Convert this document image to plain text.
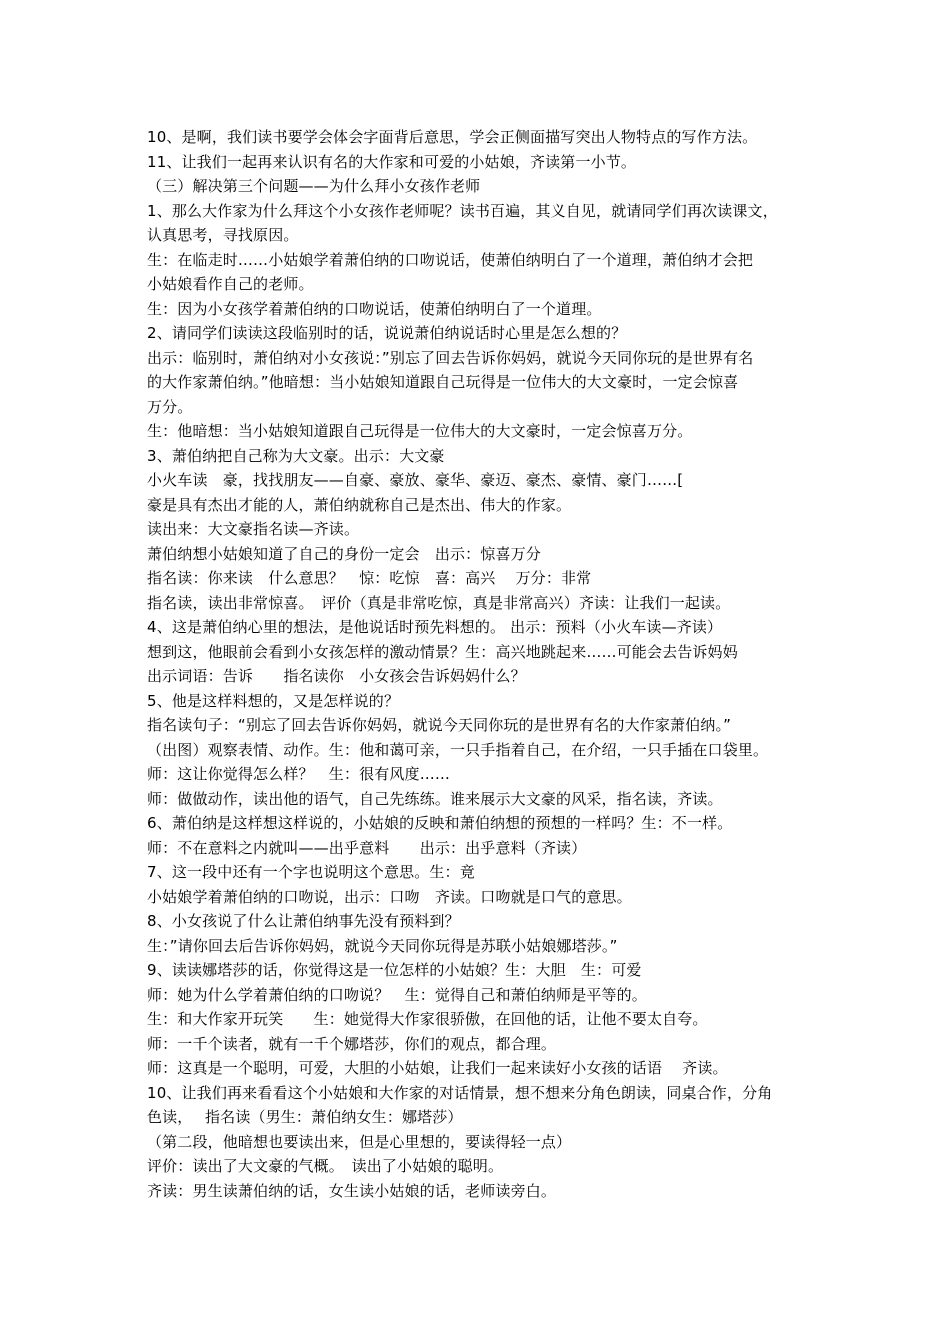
10、是啊，我们读书要学会体会字面背后意思，学会正侧面描写突出人物特点的写作方法。
11、让我们一起再来认识有名的大作家和可爱的小姑娘，齐读第一小节。
（三）解决第三个问题——为什么拜小女孩作老师
1、那么大作家为什么拜这个小女孩作老师呢？读书百遍，其义自见，就请同学们再次读课文，
认真思考，寻找原因。
生：在临走时……小姑娘学着萧伯纳的口吻说话，使萧伯纳明白了一个道理，萧伯纳才会把
小姑娘看作自己的老师。
生：因为小女孩学着萧伯纳的口吻说话，使萧伯纳明白了一个道理。
2、请同学们读读这段临别时的话，说说萧伯纳说话时心里是怎么想的？
出示：临别时，萧伯纳对小女孩说：”别忘了回去告诉你妈妈，就说今天同你玩的是世界有名
的大作家萧伯纳。”他暗想：当小姑娘知道跟自己玩得是一位伟大的大文豪时，一定会惊喜
万分。
生：他暗想：当小姑娘知道跟自己玩得是一位伟大的大文豪时，一定会惊喜万分。
3、萧伯纳把自己称为大文豪。出示：大文豪
小火车读　豪，找找朋友——自豪、豪放、豪华、豪迈、豪杰、豪情、豪门……[
豪是具有杰出才能的人，萧伯纳就称自己是杰出、伟大的作家。
读出来：大文豪指名读—齐读。
萧伯纳想小姑娘知道了自己的身份一定会　出示：惊喜万分
指名读：你来读　什么意思？　惊：吃惊　喜：高兴　 万分：非常
指名读，读出非常惊喜。　评价（真是非常吃惊，真是非常高兴）齐读：让我们一起读。
4、这是萧伯纳心里的想法，是他说话时预先料想的。 出示：预料（小火车读—齐读）
想到这，他眼前会看到小女孩怎样的激动情景？生：高兴地跳起来……可能会去告诉妈妈
出示词语：告诉　　指名读你　小女孩会告诉妈妈什么？
5、他是这样料想的，又是怎样说的？
指名读句子：“别忘了回去告诉你妈妈，就说今天同你玩的是世界有名的大作家萧伯纳。”
（出图）观察表情、动作。生：他和蔼可亲，一只手指着自己，在介绍，一只手插在口袋里。
师：这让你觉得怎么样？　生：很有风度……
师：做做动作，读出他的语气，自己先练练。谁来展示大文豪的风采，指名读，齐读。
6、萧伯纳是这样想这样说的，小姑娘的反映和萧伯纳想的预想的一样吗？生：不一样。
师：不在意料之内就叫——出乎意料　　出示：出乎意料（齐读）
7、这一段中还有一个字也说明这个意思。生：竟
小姑娘学着萧伯纳的口吻说，出示：口吻　齐读。口吻就是口气的意思。
8、小女孩说了什么让萧伯纳事先没有预料到？
生：”请你回去后告诉你妈妈，就说今天同你玩得是苏联小姑娘娜塔莎。”
9、读读娜塔莎的话，你觉得这是一位怎样的小姑娘？生：大胆　生：可爱
师：她为什么学着萧伯纳的口吻说？　生：觉得自己和萧伯纳师是平等的。
生：和大作家开玩笑　　生：她觉得大作家很骄傲，在回他的话，让他不要太自夸。
师：一千个读者，就有一千个娜塔莎，你们的观点，都合理。
师：这真是一个聪明，可爱，大胆的小姑娘，让我们一起来读好小女孩的话语　 齐读。
10、让我们再来看看这个小姑娘和大作家的对话情景，想不想来分角色朗读，同桌合作，分角
色读，　 指名读（男生：萧伯纳女生：娜塔莎）
（第二段，他暗想也要读出来，但是心里想的，要读得轻一点）
评价：读出了大文豪的气概。　读出了小姑娘的聪明。
齐读：男生读萧伯纳的话，女生读小姑娘的话，老师读旁白。
